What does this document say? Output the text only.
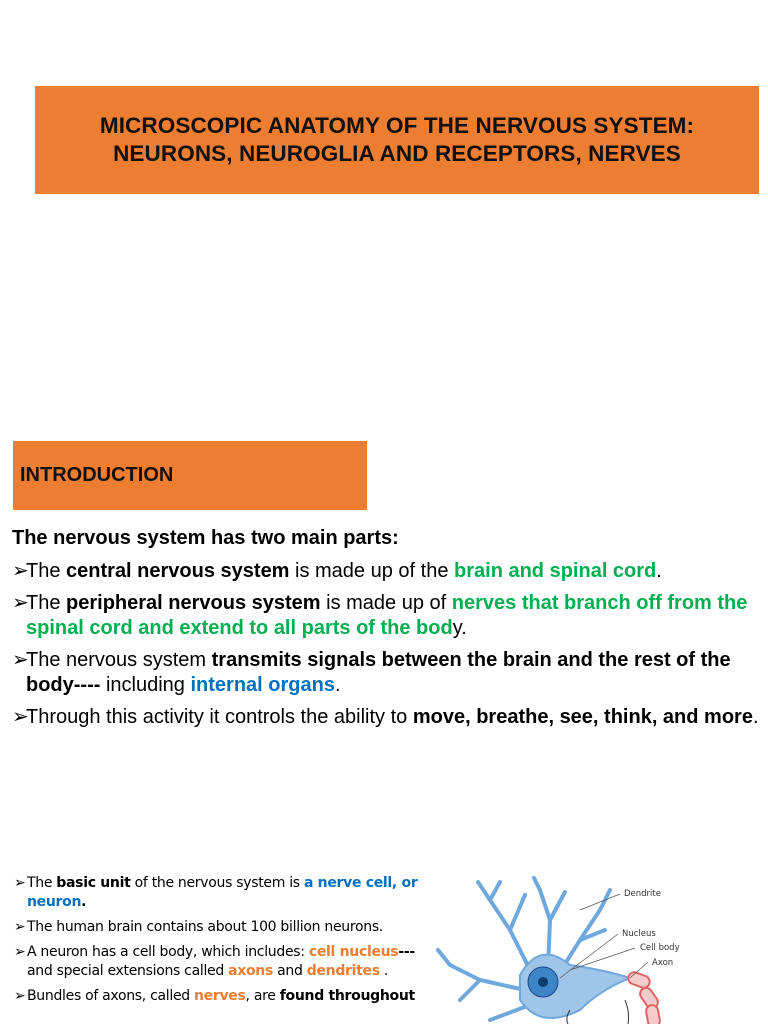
MICROSCOPIC ANATOMY OF THE NERVOUS SYSTEM:
NEURONS, NEUROGLIA AND RECEPTORS, NERVES
INTRODUCTION
The nervous system has two main parts:
➢
The central nervous system is made up of the brain and spinal cord.
➢
The peripheral nervous system is made up of nerves that branch off from the spinal cord and extend to all parts of the body.
➢
The nervous system transmits signals between the brain and the rest of the body---- including internal organs.
➢
Through this activity it controls the ability to move, breathe, see, think, and more.
➢ The basic unit of the nervous system is a nerve cell, or neuron.
➢ The human brain contains about 100 billion neurons.
➢ A neuron has a cell body, which includes: cell nucleus---and special extensions called axons and dendrites .
➢ Bundles of axons, called nerves, are found throughout
Dendrite
Nucleus
Cell body
Axon
